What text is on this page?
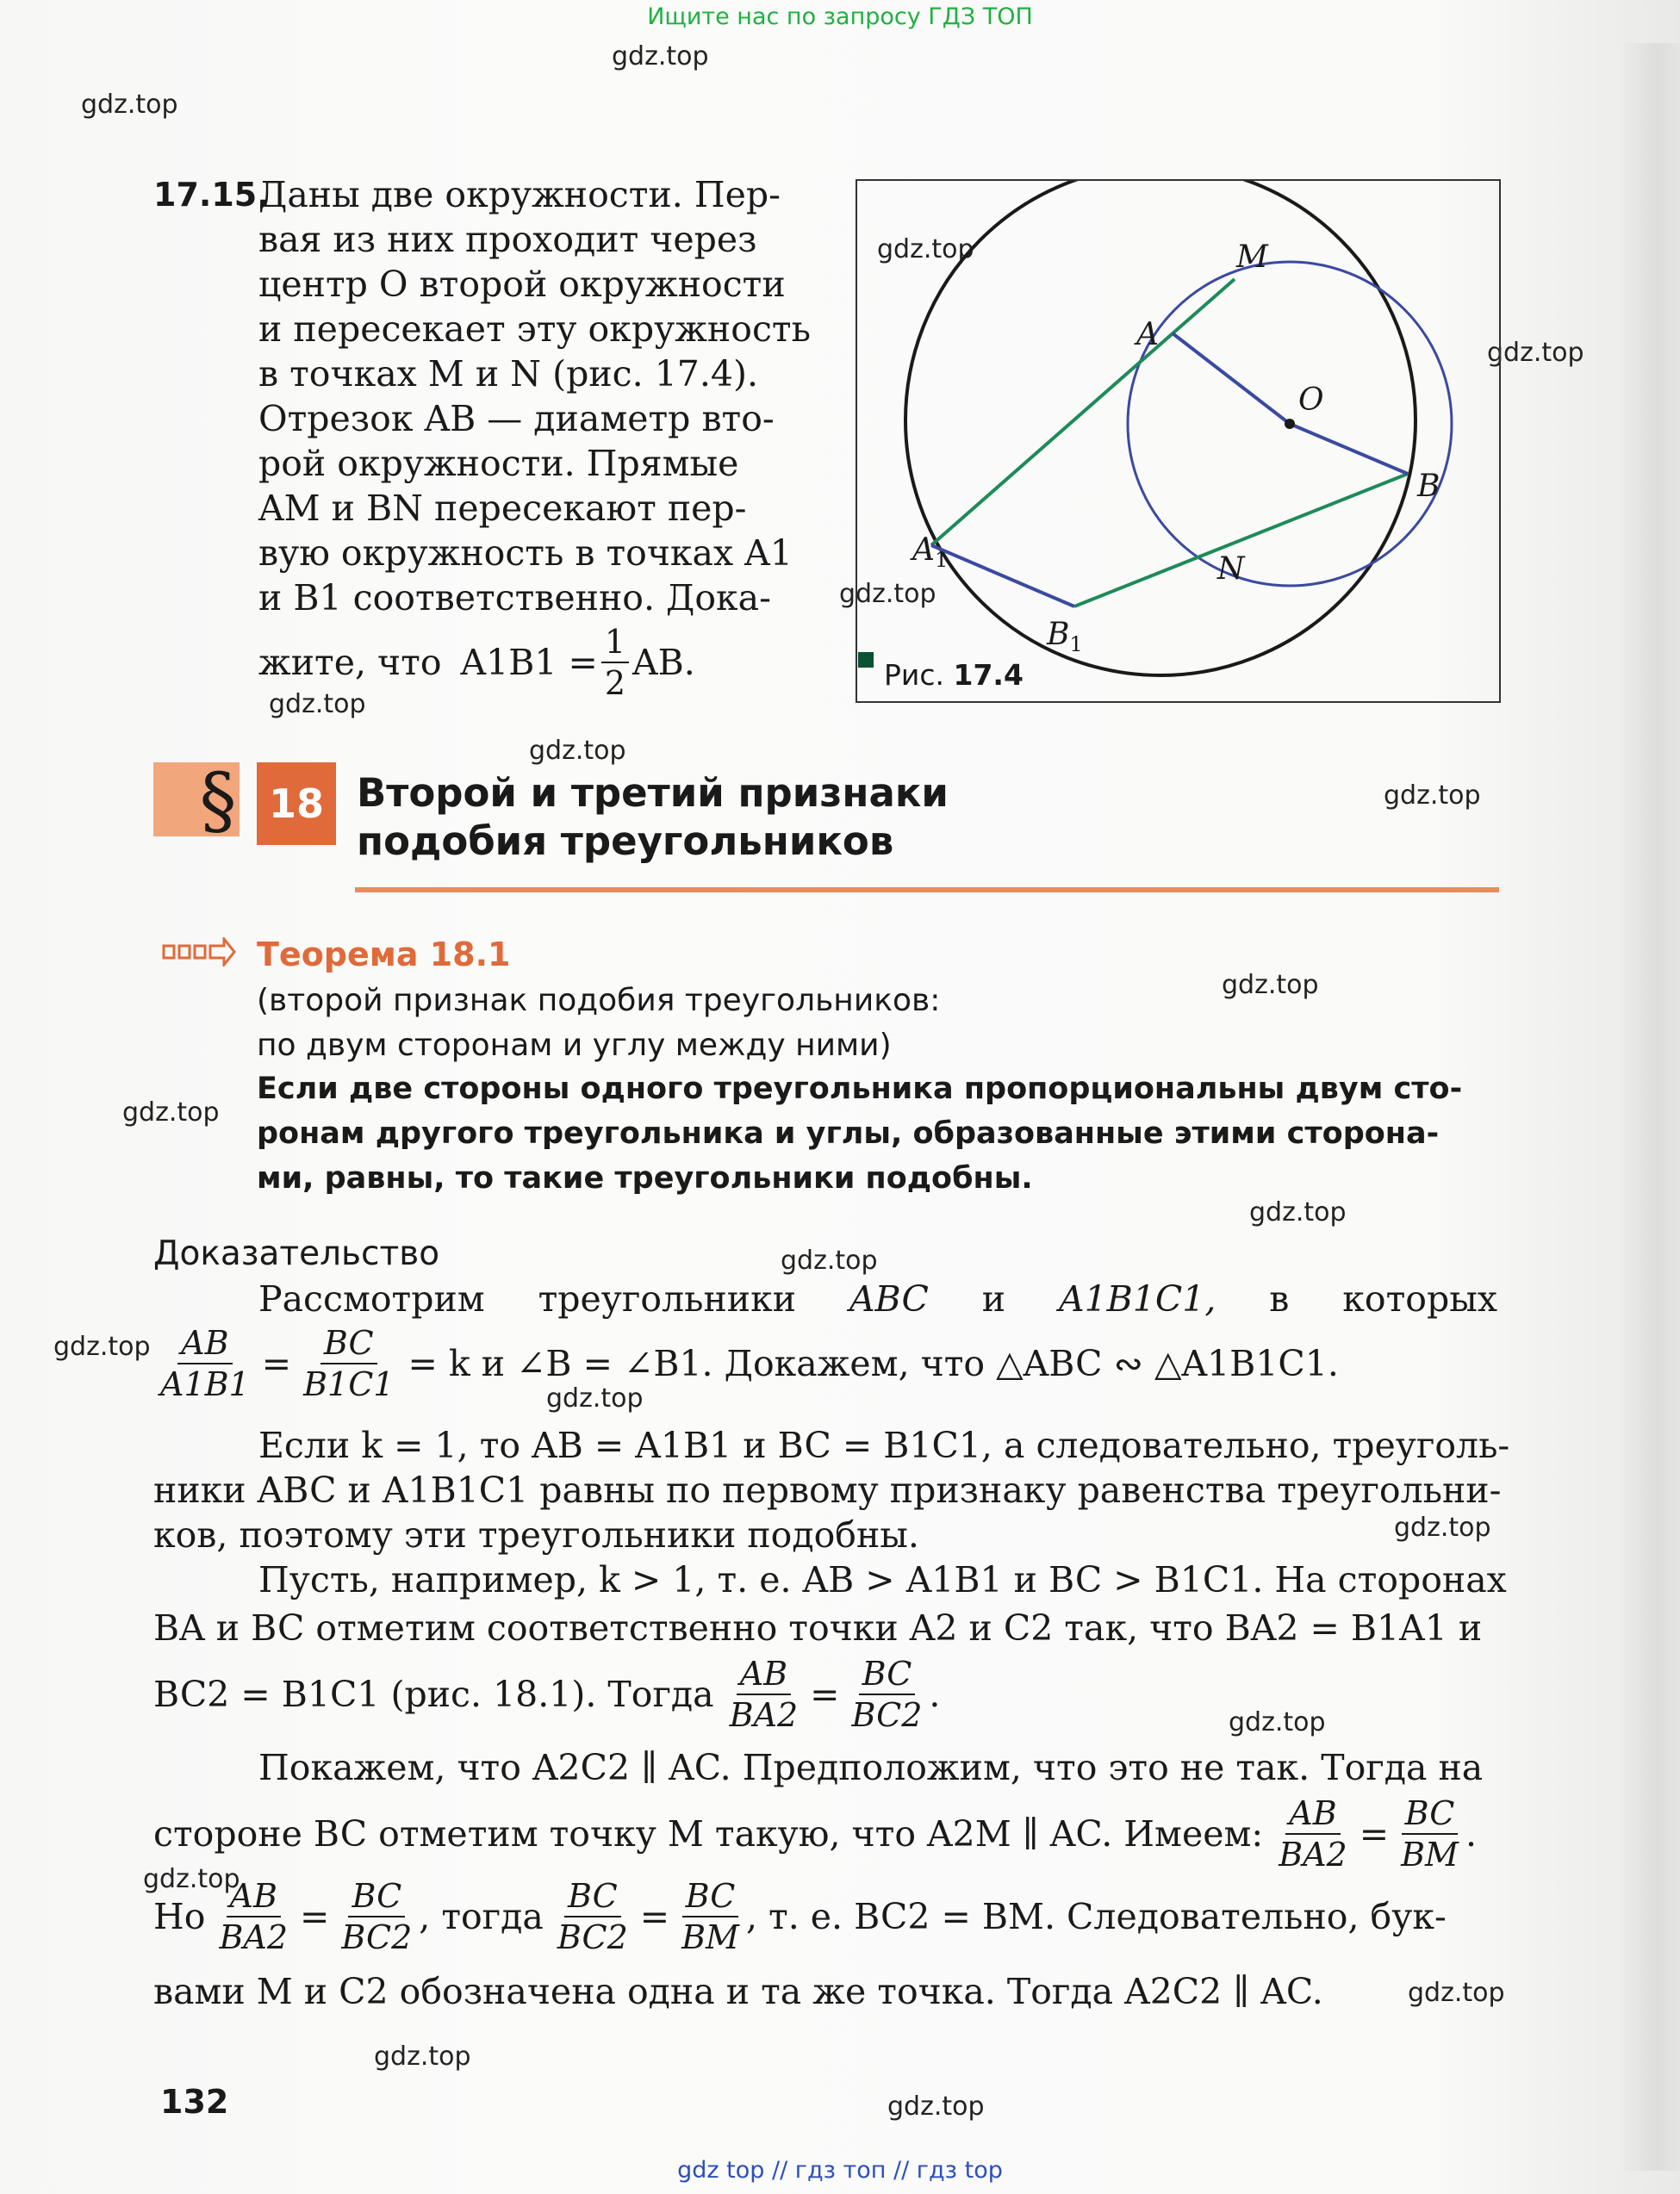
Ищите нас по запросу ГДЗ ТОП
gdz.top
gdz.top
gdz.top
gdz.top
gdz.top
gdz.top
gdz.top
gdz.top
gdz.top
gdz.top
gdz.top
gdz.top
gdz.top
gdz.top
gdz.top
gdz.top
gdz.top
gdz.top
gdz.top
gdz.top
17.15.
Даны две окружности. Пер-
вая из них проходит через
центр O второй окружности
и пересекает эту окружность
в точках M и N (рис. 17.4).
Отрезок AB — диаметр вто-
рой окружности. Прямые
AM и BN пересекают пер-
вую окружность в точках A1
и B1 соответственно. Дока-
жите, что $A1B1 = \frac{1}{2}$ AB.
M
A
O
B
$A_1$	N
$B_1$
Рис. 17.4
§ 18 Второй и третий признаки
подобия треугольников
Теорема 18.1
(второй признак подобия треугольников:
по двум сторонам и углу между ними)
Если две стороны одного треугольника пропорциональны двум сто-
ронам другого треугольника и углы, образованные этими сторона-
ми, равны, то такие треугольники подобны.
Доказательство
Рассмотрим треугольники ABC и A1B1C1, в которых
$\frac{AB}{A1B1} = \frac{BC}{B1C1} = k$ и ∠B = ∠B1. Докажем, что △ABC ∾ △A1B1C1.
Если k = 1, то AB = A1B1 и BC = B1C1, а следовательно, треуголь-
ники ABC и A1B1C1 равны по первому признаку равенства треугольни-
ков, поэтому эти треугольники подобны.
Пусть, например, k > 1, т. е. AB > A1B1 и BC > B1C1. На сторонах
BA и BC отметим соответственно точки A2 и C2 так, что BA2 = B1A1 и
BC2 = B1C1 (рис. 18.1). Тогда $\frac{AB}{BA2} = \frac{BC}{BC2}$ .
Покажем, что A2C2 ∥ AC. Предположим, что это не так. Тогда на
стороне BC отметим точку M такую, что A2M ∥ AC. Имеем: $\frac{AB}{BA2} = \frac{BC}{BM}$ .
Но $\frac{AB}{BA2} = \frac{BC}{BC2}$ , тогда $\frac{BC}{BC2} = \frac{BC}{BM}$ , т. е. BC2 = BM. Следовательно, бук-
вами M и C2 обозначена одна и та же точка. Тогда A2C2 ∥ AC.
132
gdz top // гдз топ // гдз top
